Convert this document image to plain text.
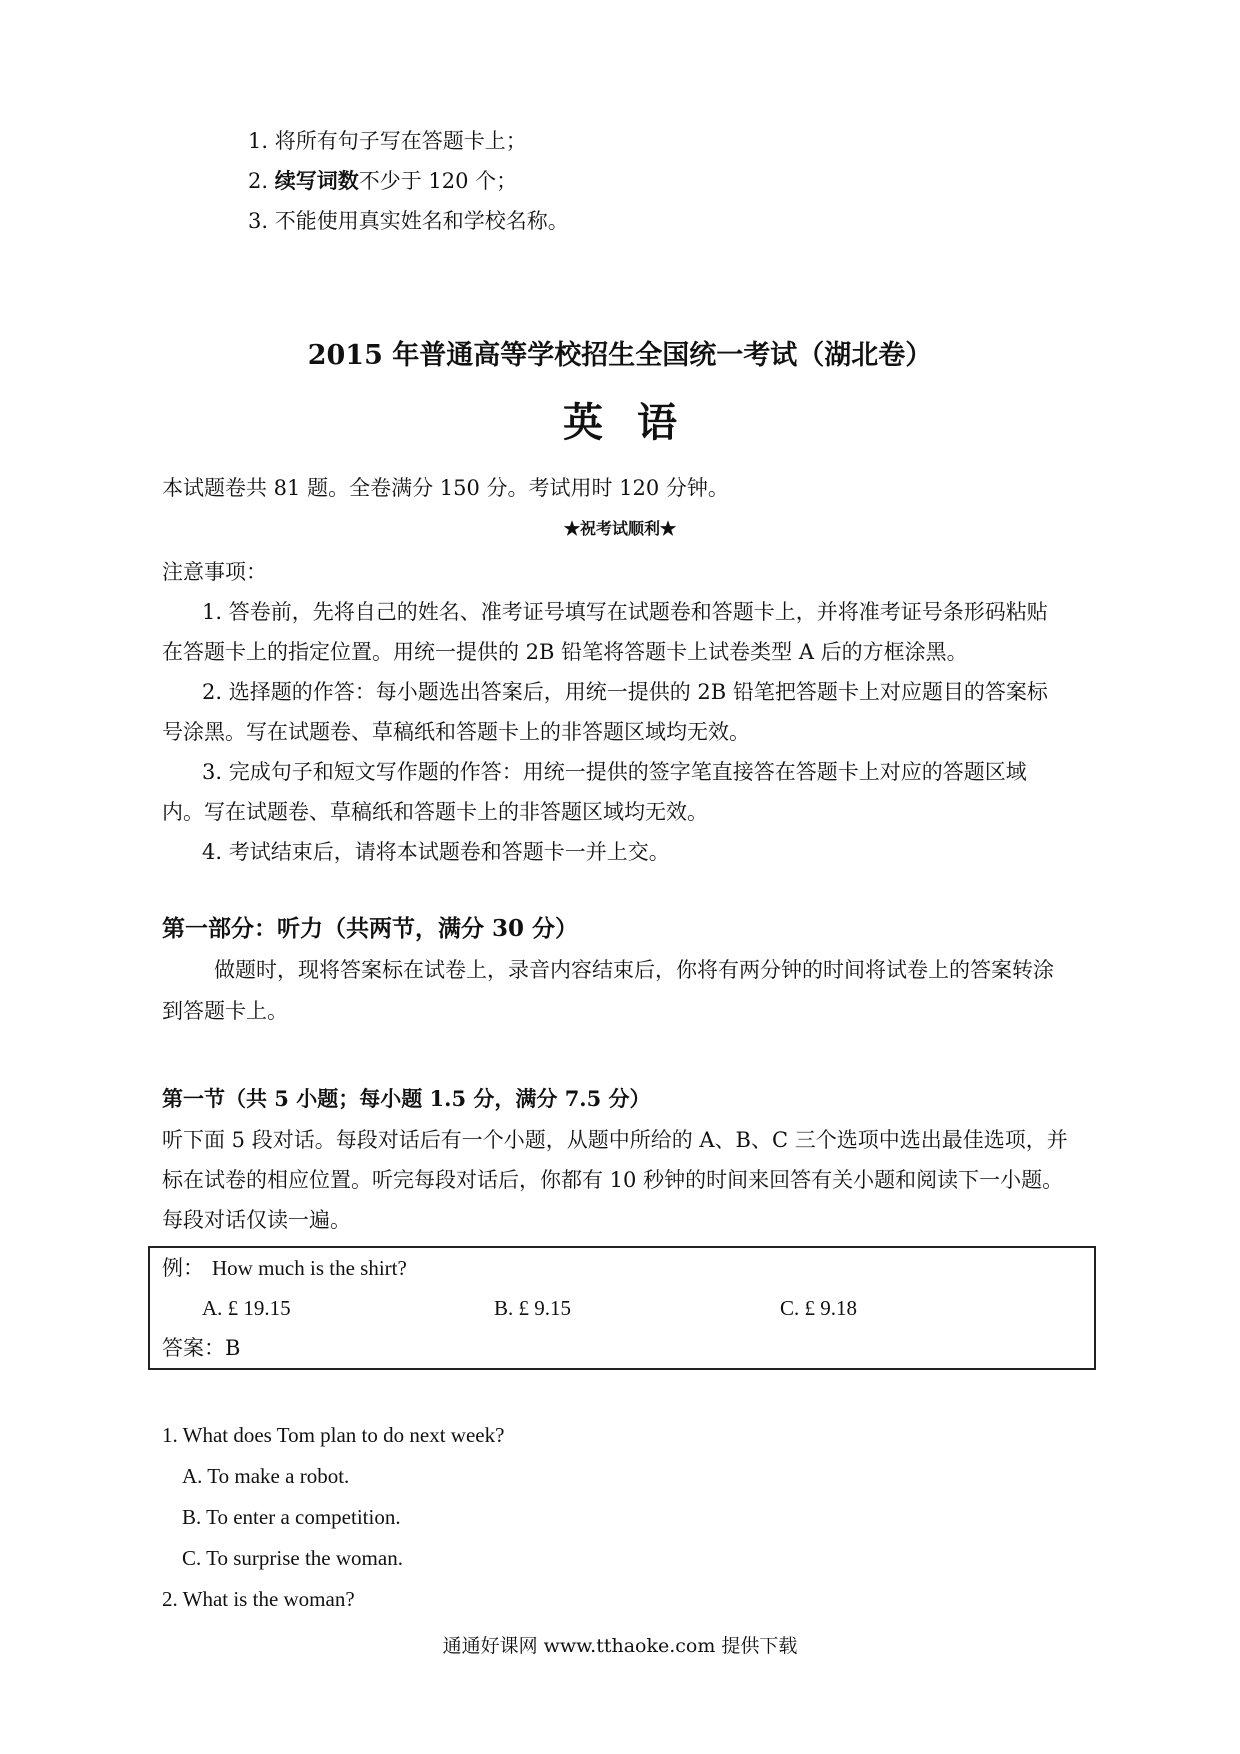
1. 将所有句子写在答题卡上；
2. 续写词数不少于 120 个；
3. 不能使用真实姓名和学校名称。
2015 年普通高等学校招生全国统一考试（湖北卷）
英语
本试题卷共 81 题。全卷满分 150 分。考试用时 120 分钟。
★祝考试顺利★
注意事项：
1. 答卷前，先将自己的姓名、准考证号填写在试题卷和答题卡上，并将准考证号条形码粘贴
在答题卡上的指定位置。用统一提供的 2B 铅笔将答题卡上试卷类型 A 后的方框涂黑。
2. 选择题的作答：每小题选出答案后，用统一提供的 2B 铅笔把答题卡上对应题目的答案标
号涂黑。写在试题卷、草稿纸和答题卡上的非答题区域均无效。
3. 完成句子和短文写作题的作答：用统一提供的签字笔直接答在答题卡上对应的答题区域
内。写在试题卷、草稿纸和答题卡上的非答题区域均无效。
4. 考试结束后，请将本试题卷和答题卡一并上交。
第一部分：听力（共两节，满分 30 分）
做题时，现将答案标在试卷上，录音内容结束后，你将有两分钟的时间将试卷上的答案转涂
到答题卡上。
第一节（共 5 小题；每小题 1.5 分，满分 7.5 分）
听下面 5 段对话。每段对话后有一个小题，从题中所给的 A、B、C 三个选项中选出最佳选项，并
标在试卷的相应位置。听完每段对话后，你都有 10 秒钟的时间来回答有关小题和阅读下一小题。
每段对话仅读一遍。
例： How much is the shirt?
A. £ 19.15	B. £ 9.15	C. £ 9.18
答案：B
1. What does Tom plan to do next week?
A. To make a robot.
B. To enter a competition.
C. To surprise the woman.
2. What is the woman?
通通好课网 www.tthaoke.com 提供下载
